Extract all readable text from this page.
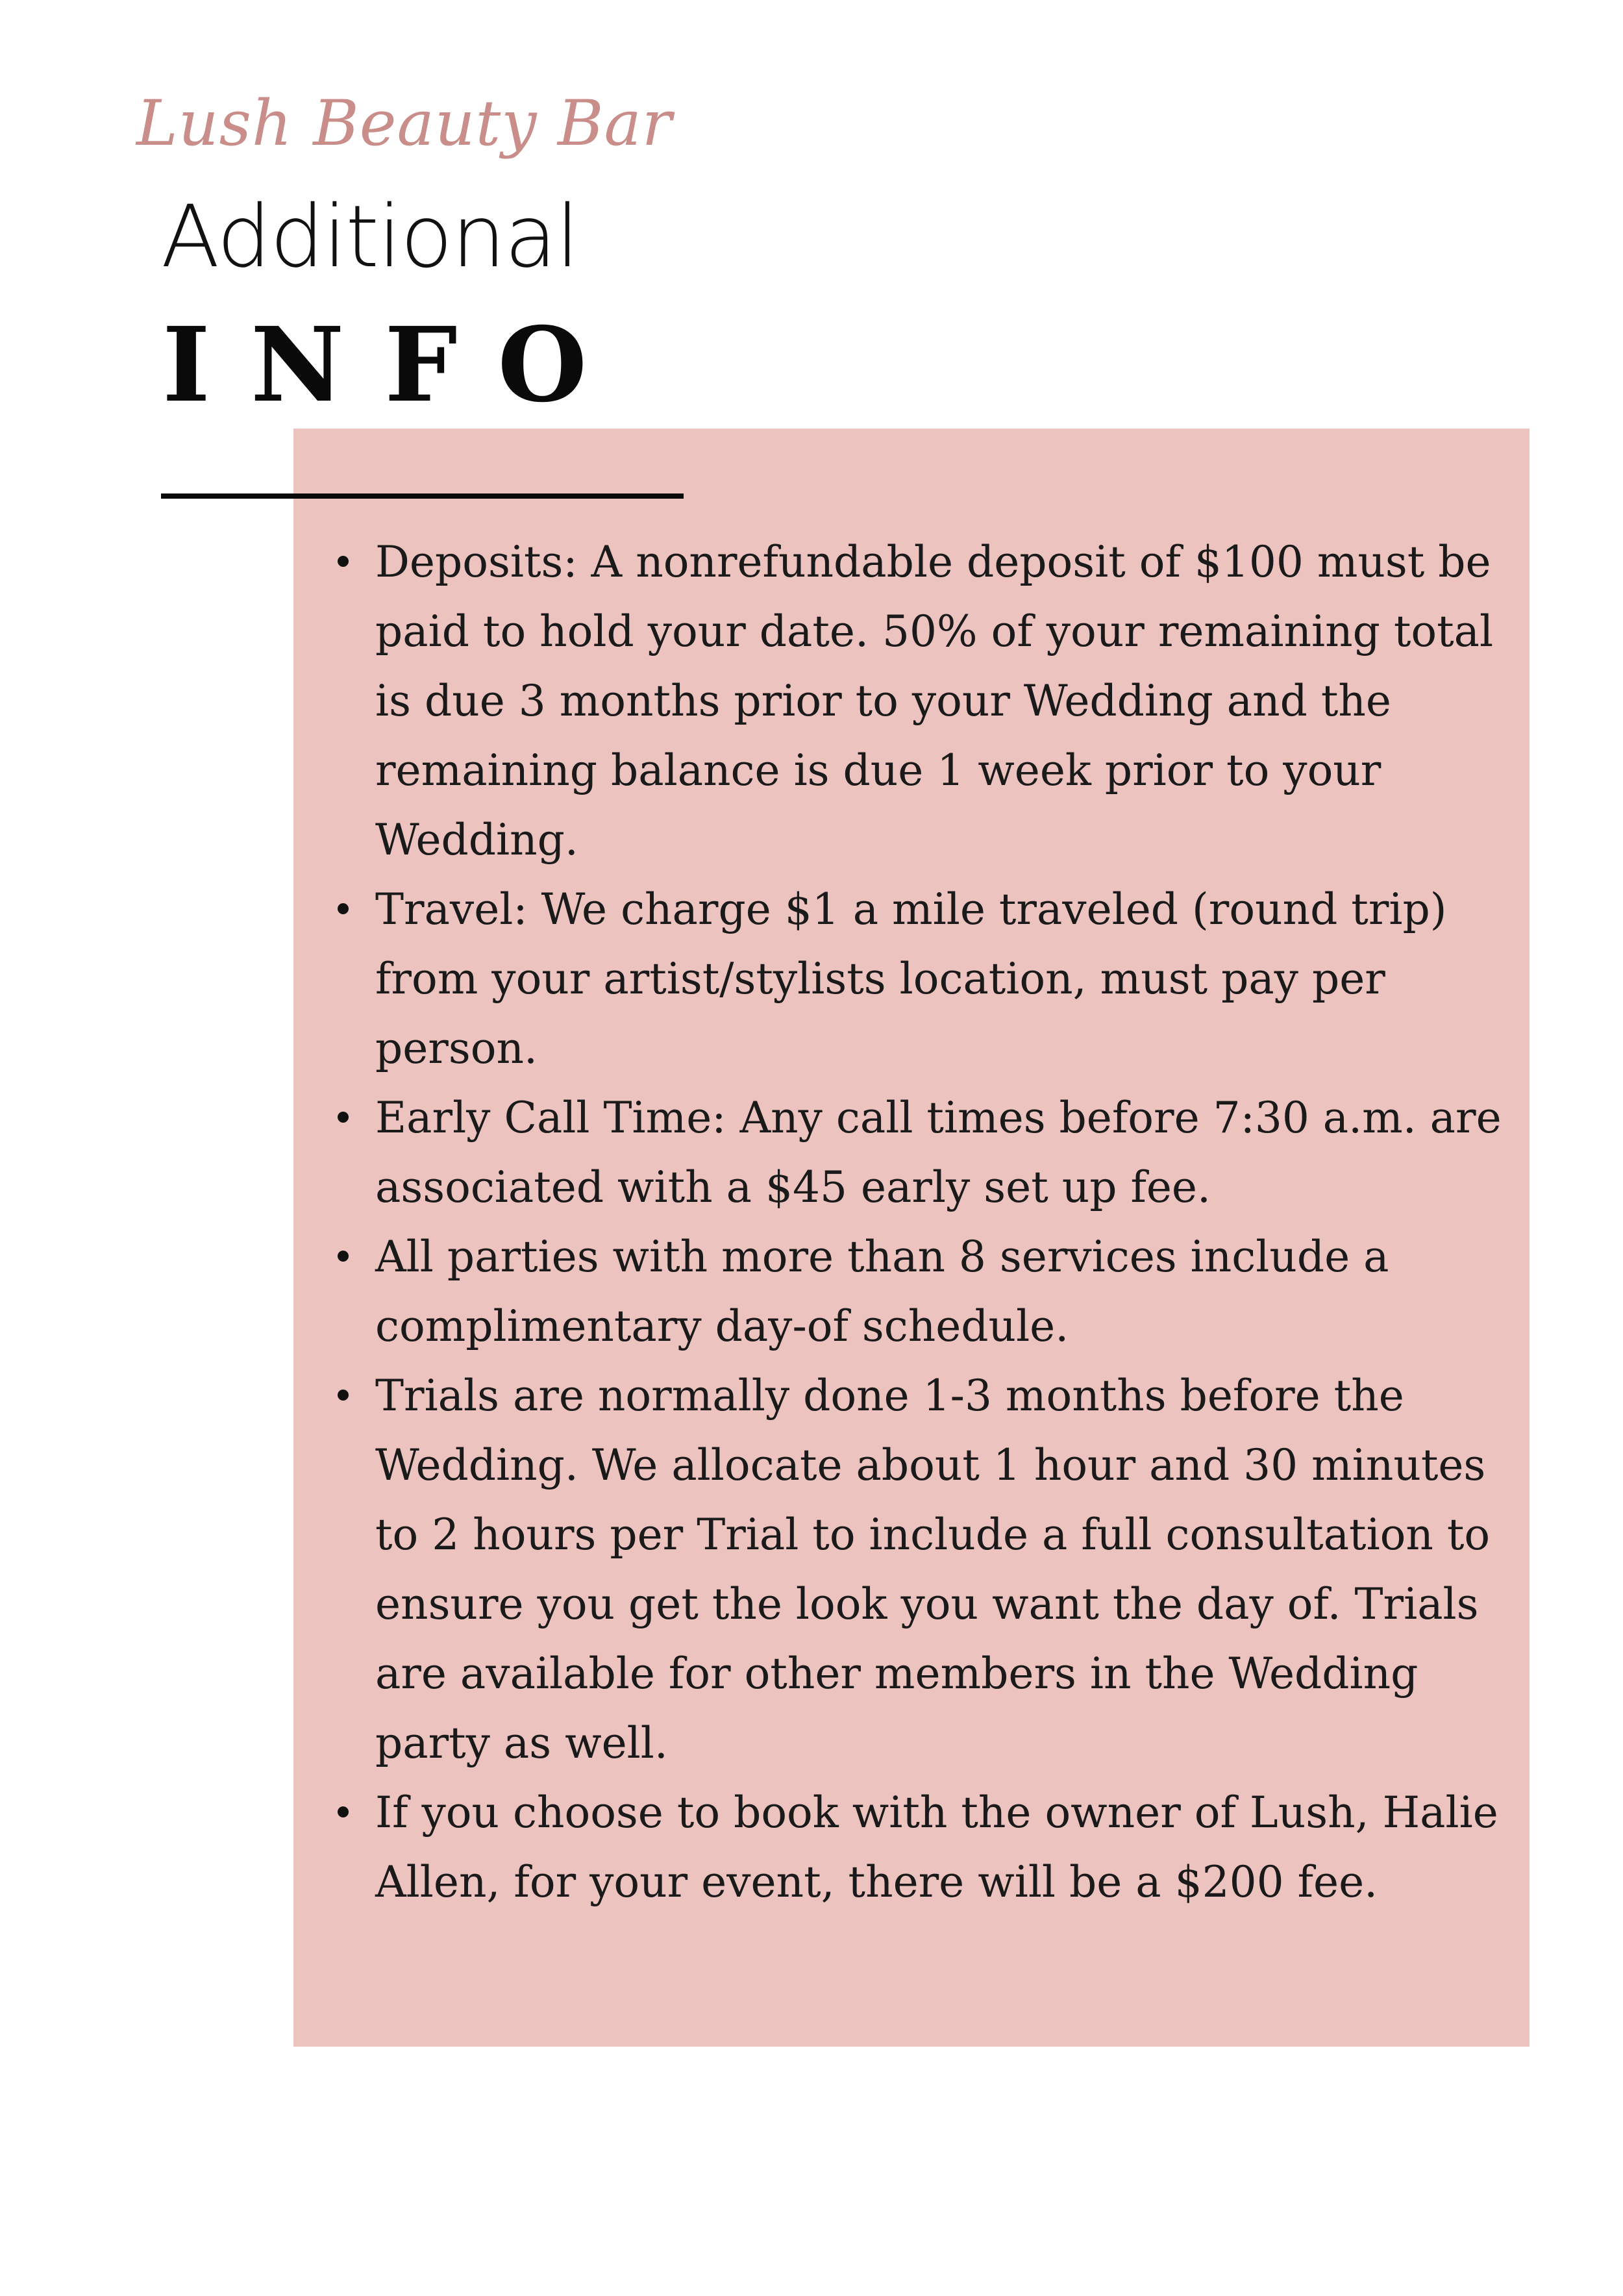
Lush Beauty Bar
Additional
INFO
Deposits: A nonrefundable deposit of $100 must be paid to hold your date. 50% of your remaining total is due 3 months prior to your Wedding and the remaining balance is due 1 week prior to your Wedding.
Travel: We charge $1 a mile traveled (round trip) from your artist/stylists location, must pay per person.
Early Call Time: Any call times before 7:30 a.m. are associated with a $45 early set up fee.
All parties with more than 8 services include a complimentary day-of schedule.
Trials are normally done 1-3 months before the Wedding. We allocate about 1 hour and 30 minutes to 2 hours per Trial to include a full consultation to ensure you get the look you want the day of. Trials are available for other members in the Wedding party as well.
If you choose to book with the owner of Lush, Halie Allen, for your event, there will be a $200 fee.
